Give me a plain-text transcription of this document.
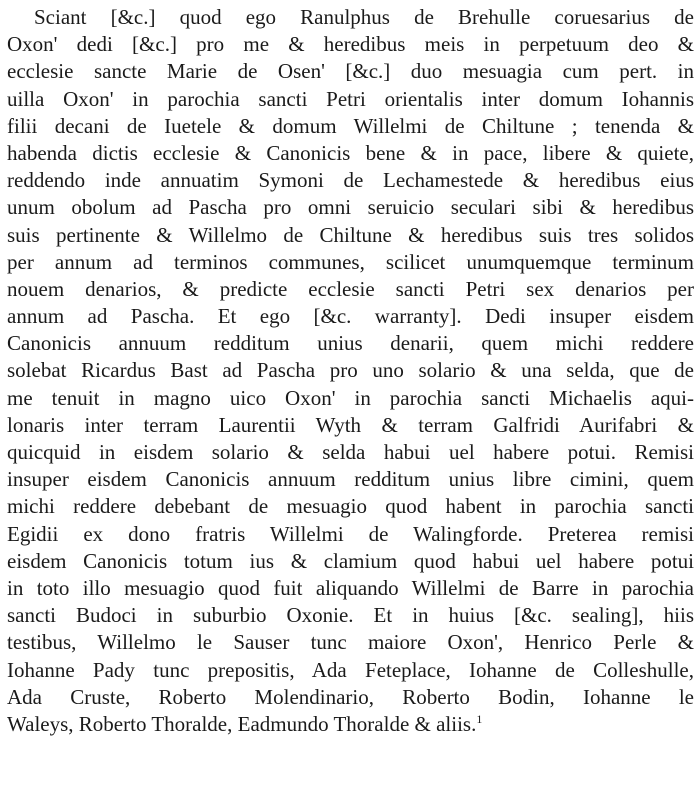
Sciant [&c.] quod ego Ranulphus de Brehulle coruesarius de
Oxon' dedi [&c.] pro me & heredibus meis in perpetuum deo &
ecclesie sancte Marie de Osen' [&c.] duo mesuagia cum pert. in
uilla Oxon' in parochia sancti Petri orientalis inter domum Iohannis
filii decani de Iuetele & domum Willelmi de Chiltune ; tenenda &
habenda dictis ecclesie & Canonicis bene & in pace, libere & quiete,
reddendo inde annuatim Symoni de Lechamestede & heredibus eius
unum obolum ad Pascha pro omni seruicio seculari sibi & heredibus
suis pertinente & Willelmo de Chiltune & heredibus suis tres solidos
per annum ad terminos communes, scilicet unumquemque terminum
nouem denarios, & predicte ecclesie sancti Petri sex denarios per
annum ad Pascha. Et ego [&c. warranty]. Dedi insuper eisdem
Canonicis annuum redditum unius denarii, quem michi reddere
solebat Ricardus Bast ad Pascha pro uno solario & una selda, que de
me tenuit in magno uico Oxon' in parochia sancti Michaelis aqui-
lonaris inter terram Laurentii Wyth & terram Galfridi Aurifabri &
quicquid in eisdem solario & selda habui uel habere potui. Remisi
insuper eisdem Canonicis annuum redditum unius libre cimini, quem
michi reddere debebant de mesuagio quod habent in parochia sancti
Egidii ex dono fratris Willelmi de Walingforde. Preterea remisi
eisdem Canonicis totum ius & clamium quod habui uel habere potui
in toto illo mesuagio quod fuit aliquando Willelmi de Barre in parochia
sancti Budoci in suburbio Oxonie. Et in huius [&c. sealing], hiis
testibus, Willelmo le Sauser tunc maiore Oxon', Henrico Perle &
Iohanne Pady tunc prepositis, Ada Feteplace, Iohanne de Colleshulle,
Ada Cruste, Roberto Molendinario, Roberto Bodin, Iohanne le
Waleys, Roberto Thoralde, Eadmundo Thoralde & aliis.$^1$
